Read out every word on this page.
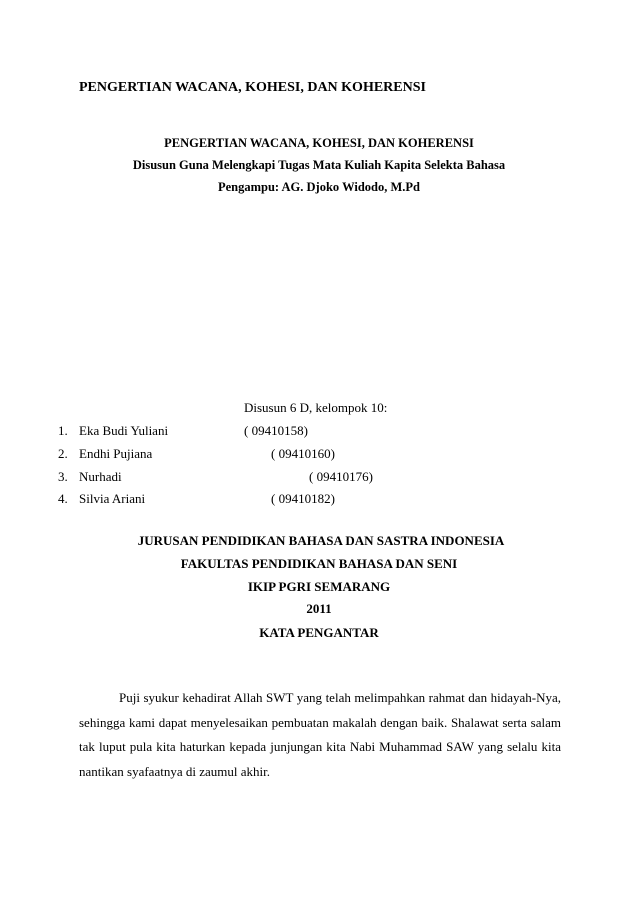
PENGERTIAN WACANA, KOHESI, DAN KOHERENSI
PENGERTIAN WACANA, KOHESI, DAN KOHERENSI
Disusun Guna Melengkapi Tugas Mata Kuliah Kapita Selekta Bahasa
Pengampu: AG. Djoko Widodo, M.Pd
Disusun 6 D, kelompok 10:
1. Eka Budi Yuliani	( 09410158)
2. Endhi Pujiana	( 09410160)
3. Nurhadi	( 09410176)
4. Silvia Ariani	( 09410182)
JURUSAN PENDIDIKAN BAHASA DAN SASTRA INDONESIA
FAKULTAS PENDIDIKAN BAHASA DAN SENI
IKIP PGRI SEMARANG
2011
KATA PENGANTAR
Puji syukur kehadirat Allah SWT yang telah melimpahkan rahmat dan hidayah-Nya, sehingga kami dapat menyelesaikan pembuatan makalah dengan baik. Shalawat serta salam tak luput pula kita haturkan kepada junjungan kita Nabi Muhammad SAW yang selalu kita nantikan syafaatnya di zaumul akhir.
